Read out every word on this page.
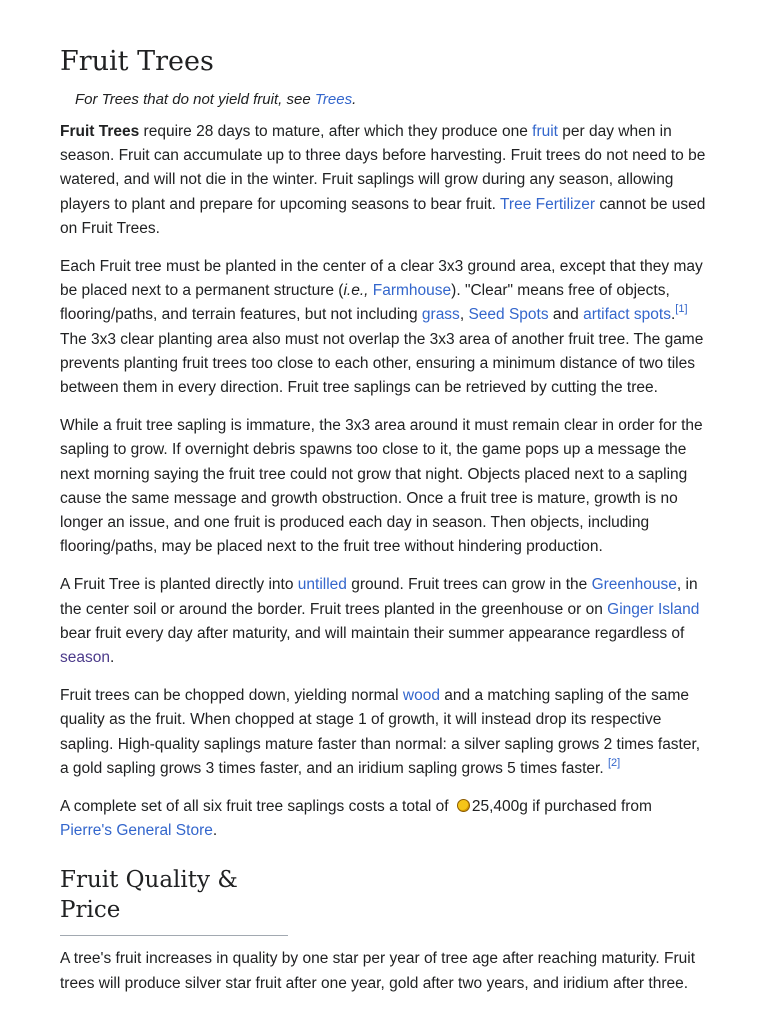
Fruit Trees
For Trees that do not yield fruit, see Trees.

Fruit Trees require 28 days to mature, after which they produce one fruit per day when in season. Fruit can accumulate up to three days before harvesting. Fruit trees do not need to be watered, and will not die in the winter. Fruit saplings will grow during any season, allowing players to plant and prepare for upcoming seasons to bear fruit. Tree Fertilizer cannot be used on Fruit Trees.

Each Fruit tree must be planted in the center of a clear 3x3 ground area, except that they may be placed next to a permanent structure (i.e., Farmhouse). "Clear" means free of objects, flooring/paths, and terrain features, but not including grass, Seed Spots and artifact spots.[1] The 3x3 clear planting area also must not overlap the 3x3 area of another fruit tree. The game prevents planting fruit trees too close to each other, ensuring a minimum distance of two tiles between them in every direction. Fruit tree saplings can be retrieved by cutting the tree.

While a fruit tree sapling is immature, the 3x3 area around it must remain clear in order for the sapling to grow. If overnight debris spawns too close to it, the game pops up a message the next morning saying the fruit tree could not grow that night. Objects placed next to a sapling cause the same message and growth obstruction. Once a fruit tree is mature, growth is no longer an issue, and one fruit is produced each day in season. Then objects, including flooring/paths, may be placed next to the fruit tree without hindering production.

A Fruit Tree is planted directly into untilled ground. Fruit trees can grow in the Greenhouse, in the center soil or around the border. Fruit trees planted in the greenhouse or on Ginger Island bear fruit every day after maturity, and will maintain their summer appearance regardless of season.

Fruit trees can be chopped down, yielding normal wood and a matching sapling of the same quality as the fruit. When chopped at stage 1 of growth, it will instead drop its respective sapling. High-quality saplings mature faster than normal: a silver sapling grows 2 times faster, a gold sapling grows 3 times faster, and an iridium sapling grows 5 times faster. [2]

A complete set of all six fruit tree saplings costs a total of 25,400g if purchased from Pierre's General Store.

Fruit Quality & Price

A tree's fruit increases in quality by one star per year of tree age after reaching maturity. Fruit trees will produce silver star fruit after one year, gold after two years, and iridium after three.
